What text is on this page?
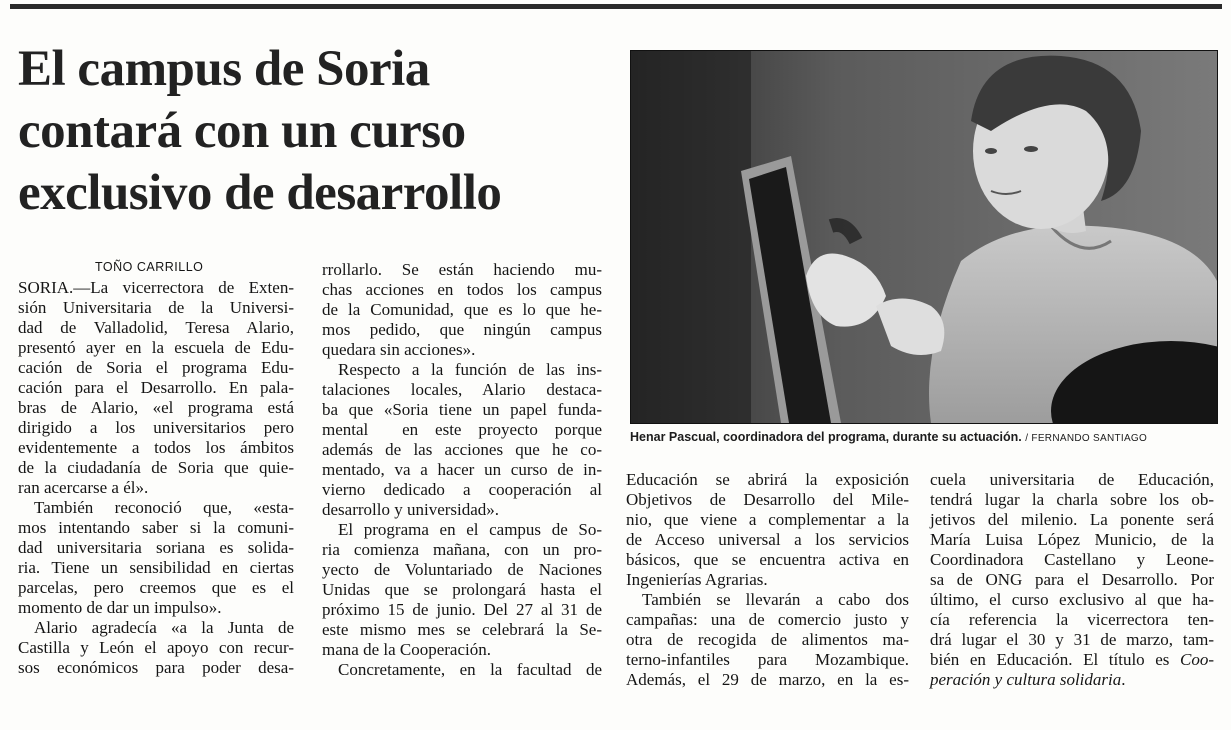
El campus de Soria
contará con un curso
exclusivo de desarrollo
Henar Pascual, coordinadora del programa, durante su actuación. / FERNANDO SANTIAGO
TOÑO CARRILLO

SORIA.—La vicerrectora de Exten-
sión Universitaria de la Universi-
dad de Valladolid, Teresa Alario,
presentó ayer en la escuela de Edu-
cación de Soria el programa Edu-
cación para el Desarrollo. En pala-
bras de Alario, «el programa está
dirigido a los universitarios pero
evidentemente a todos los ámbitos
de la ciudadanía de Soria que quie-
ran acercarse a él».

También reconoció que, «esta-
mos intentando saber si la comuni-
dad universitaria soriana es solida-
ria. Tiene un sensibilidad en ciertas
parcelas, pero creemos que es el
momento de dar un impulso».

Alario agradecía «a la Junta de
Castilla y León el apoyo con recur-
sos económicos para poder desa-

rrollarlo. Se están haciendo mu-
chas acciones en todos los campus
de la Comunidad, que es lo que he-
mos pedido, que ningún campus
quedara sin acciones».

Respecto a la función de las ins-
talaciones locales, Alario destaca-
ba que «Soria tiene un papel funda-
mental  en este proyecto porque
además de las acciones que he co-
mentado, va a hacer un curso de in-
vierno dedicado a cooperación al
desarrollo y universidad».

El programa en el campus de So-
ria comienza mañana, con un pro-
yecto de Voluntariado de Naciones
Unidas que se prolongará hasta el
próximo 15 de junio. Del 27 al 31 de
este mismo mes se celebrará la Se-
mana de la Cooperación.

Concretamente, en la facultad de

Educación se abrirá la exposición
Objetivos de Desarrollo del Mile-
nio, que viene a complementar a la
de Acceso universal a los servicios
básicos, que se encuentra activa en
Ingenierías Agrarias.

También se llevarán a cabo dos
campañas: una de comercio justo y
otra de recogida de alimentos ma-
terno-infantiles para Mozambique.
Además, el 29 de marzo, en la es-

cuela universitaria de Educación,
tendrá lugar la charla sobre los ob-
jetivos del milenio. La ponente será
María Luisa López Municio, de la
Coordinadora Castellano y Leone-
sa de ONG para el Desarrollo. Por
último, el curso exclusivo al que ha-
cía referencia la vicerrectora ten-
drá lugar el 30 y 31 de marzo, tam-
bién en Educación. El título es Coo-
peración y cultura solidaria.
